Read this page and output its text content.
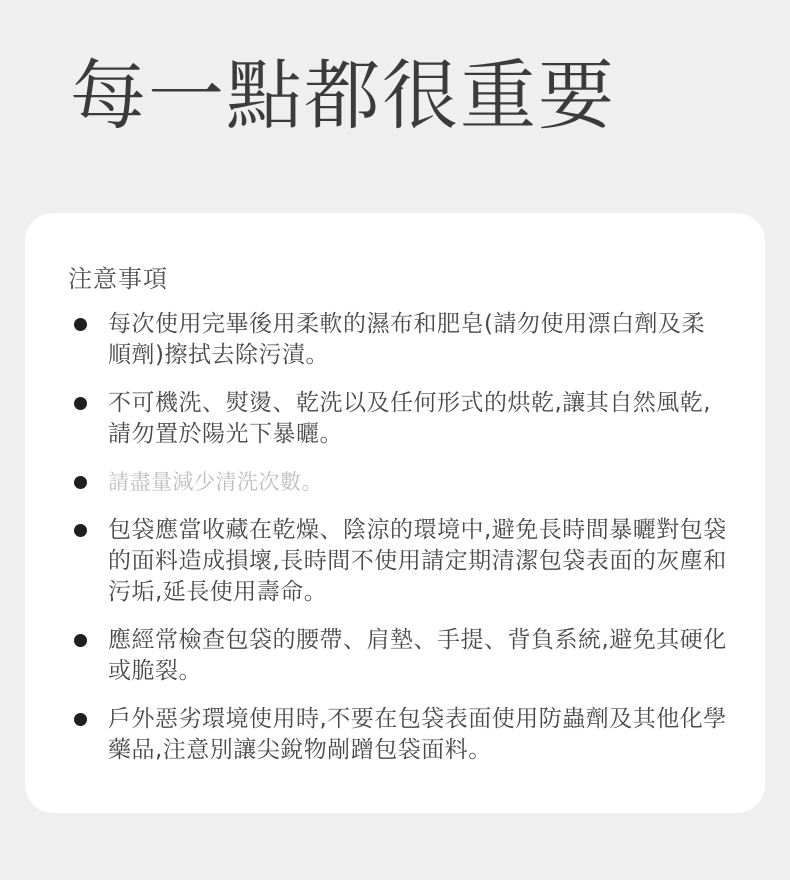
每一點都很重要
注意事項
每次使用完畢後用柔軟的濕布和肥皂(請勿使用漂白劑及柔順劑)擦拭去除污漬。
不可機洗、熨燙、乾洗以及任何形式的烘乾,讓其自然風乾,請勿置於陽光下暴曬。
請盡量減少清洗次數。
包袋應當收藏在乾燥、陰涼的環境中,避免長時間暴曬對包袋的面料造成損壞,長時間不使用請定期清潔包袋表面的灰塵和污垢,延長使用壽命。
應經常檢查包袋的腰帶、肩墊、手提、背負系統,避免其硬化或脆裂。
戶外惡劣環境使用時,不要在包袋表面使用防蟲劑及其他化學藥品,注意別讓尖銳物剮蹭包袋面料。
